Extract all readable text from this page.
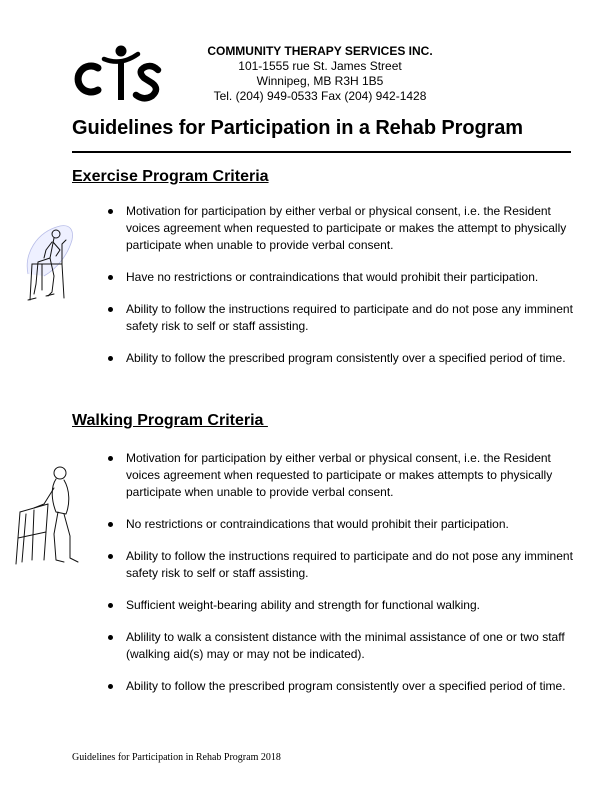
COMMUNITY THERAPY SERVICES INC.
101-1555 rue St. James Street
Winnipeg, MB R3H 1B5
Tel. (204) 949-0533 Fax (204) 942-1428
Guidelines for Participation in a Rehab Program
Exercise Program Criteria
Motivation for participation by either verbal or physical consent, i.e. the Resident voices agreement when requested to participate or makes the attempt to physically participate when unable to provide verbal consent.
Have no restrictions or contraindications that would prohibit their participation.
Ability to follow the instructions required to participate and do not pose any imminent safety risk to self or staff assisting.
Ability to follow the prescribed program consistently over a specified period of time.
Walking Program Criteria
Motivation for participation by either verbal or physical consent, i.e. the Resident voices agreement when requested to participate or makes attempts to physically participate when unable to provide verbal consent.
No restrictions or contraindications that would prohibit their participation.
Ability to follow the instructions required to participate and do not pose any imminent safety risk to self or staff assisting.
Sufficient weight-bearing ability and strength for functional walking.
Ablility to walk a consistent distance with the minimal assistance of one or two staff (walking aid(s) may or may not be indicated).
Ability to follow the prescribed program consistently over a specified period of time.
Guidelines for Participation in Rehab Program 2018
